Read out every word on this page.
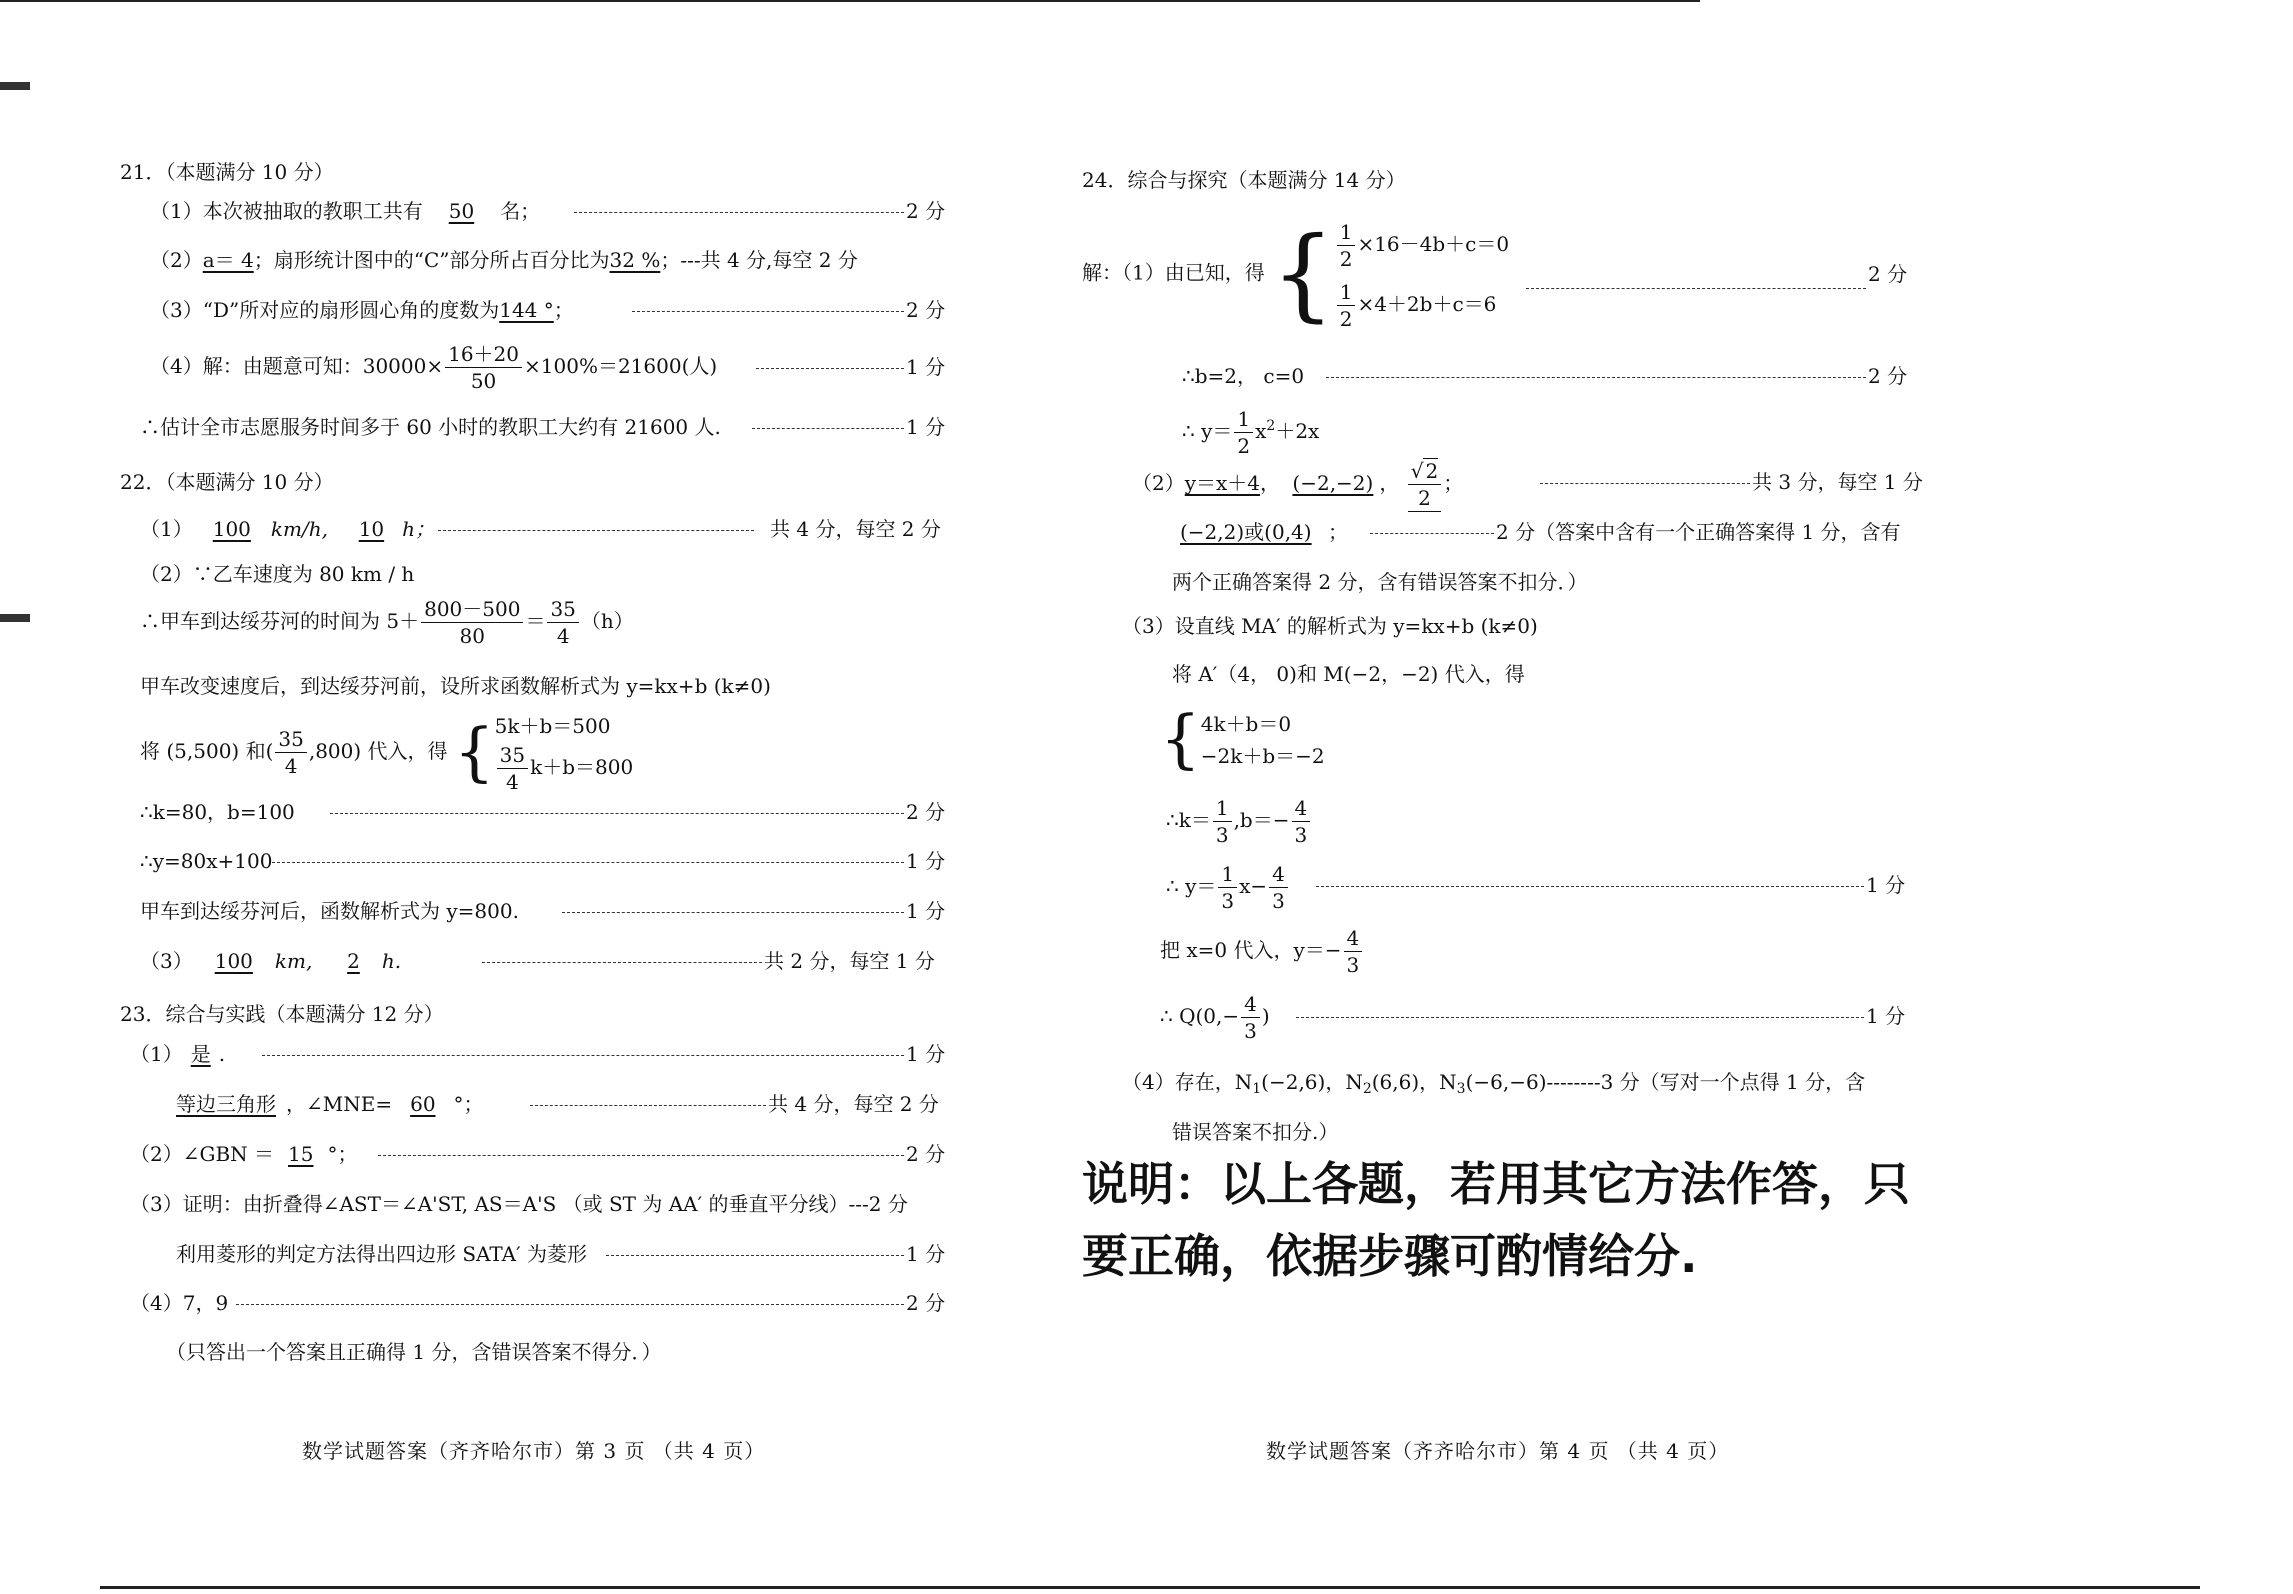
21．（本题满分 10 分）
（1）本次被抽取的教职工共有 50 名；	2 分
（2）a＝ 4；扇形统计图中的“C”部分所占百分比为32 %；---共 4 分,每空 2 分
（3）“D”所对应的扇形圆心角的度数为144 °；	2 分
（4）解：由题意可知：$30000\times \frac{16+20}{50} \times 100\%=21600$(人)	1 分
∴估计全市志愿服务时间多于 60 小时的教职工大约有 21600 人.	1 分
22．（本题满分 10 分）
（1） 100 km/h, 10 h；	共 4 分，每空 2 分
（2）∵乙车速度为 80 km / h
∴甲车到达绥芬河的时间为 $5+ \frac{800-500}{80} = \frac{35}{4} (h)$
甲车改变速度后，到达绥芬河前，设所求函数解析式为 y=kx+b (k≠0)
将 (5,500) 和( $\frac{35}{4} ,800$) 代入，得 { 5k＋b＝500
$\frac{35}{4} k+b=800$
∴k=80，b=100	2 分
∴y=80x+100	1 分
甲车到达绥芬河后，函数解析式为 y=800.	1 分
（3） 100 km, 2 h.	共 2 分，每空 1 分
23．综合与实践（本题满分 12 分）
（1） 是 .	1 分
等边三角形 ，∠MNE= 60 °；	共 4 分，每空 2 分
（2）∠GBN ＝ 15 °；	2 分
（3）证明：由折叠得∠AST＝∠A'ST, AS＝A'S （或 ST 为 AA′ 的垂直平分线）---2 分
利用菱形的判定方法得出四边形 SATA′ 为菱形	1 分
（4）7，9	2 分
（只答出一个答案且正确得 1 分，含错误答案不得分．）
数学试题答案（齐齐哈尔市）第 3 页 （共 4 页）
24．综合与探究（本题满分 14 分）
解：（1）由已知，得 { $\frac{1}{2} \times 16-4b+c=0$
$\frac{1}{2} \times 4+2b+c=6$
2 分
∴b=2， c=0	2 分
∴ $y= \frac{1}{2} x^2+2x$
（2）y＝x＋4， (−2,−2) ， $\frac{√ 2}{2}$ ；	共 3 分，每空 1 分
(−2,2)或(0,4) ；	2 分（答案中含有一个正确答案得 1 分，含有
两个正确答案得 2 分，含有错误答案不扣分．）
（3）设直线 MA′ 的解析式为 y=kx+b (k≠0)
将 A′（4， 0)和 M(−2，−2) 代入，得
{ 4k＋b＝0
−2k＋b＝−2
∴k＝ $\frac{1}{3} ,b=- \frac{4}{3}$
∴ $y= \frac{1}{3} x- \frac{4}{3}$	1 分
把 x=0 代入，$y=- \frac{4}{3}$
∴ $Q(0,- \frac{4}{3}$ )	1 分
（4）存在，$N_1(-2,6)$，$N_2(6,6)$，$N_3(-6,-6)--------3$ 分（写对一个点得 1 分，含
错误答案不扣分.）
说明：以上各题，若用其它方法作答，只
要正确，依据步骤可酌情给分.
数学试题答案（齐齐哈尔市）第 4 页 （共 4 页）
